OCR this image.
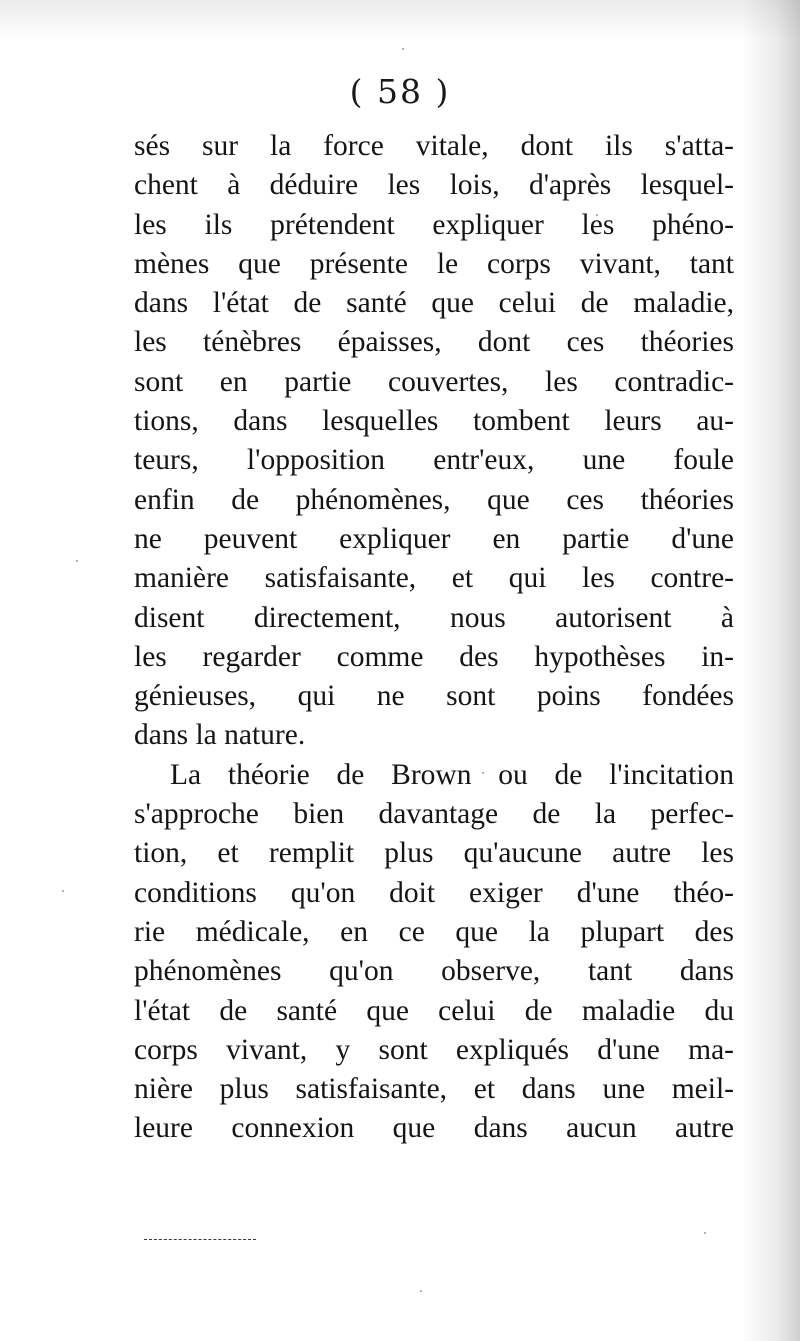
( 58 )
sés sur la force vitale, dont ils s'atta-
chent à déduire les lois, d'après lesquel-
les ils prétendent expliquer les phéno-
mènes que présente le corps vivant, tant
dans l'état de santé que celui de maladie,
les ténèbres épaisses, dont ces théories
sont en partie couvertes, les contradic-
tions, dans lesquelles tombent leurs au-
teurs, l'opposition entr'eux, une foule
enfin de phénomènes, que ces théories
ne peuvent expliquer en partie d'une
manière satisfaisante, et qui les contre-
disent directement, nous autorisent à
les regarder comme des hypothèses in-
génieuses, qui ne sont poins fondées
dans la nature.
La théorie de Brown ou de l'incitation
s'approche bien davantage de la perfec-
tion, et remplit plus qu'aucune autre les
conditions qu'on doit exiger d'une théo-
rie médicale, en ce que la plupart des
phénomènes qu'on observe, tant dans
l'état de santé que celui de maladie du
corps vivant, y sont expliqués d'une ma-
nière plus satisfaisante, et dans une meil-
leure connexion que dans aucun autre
